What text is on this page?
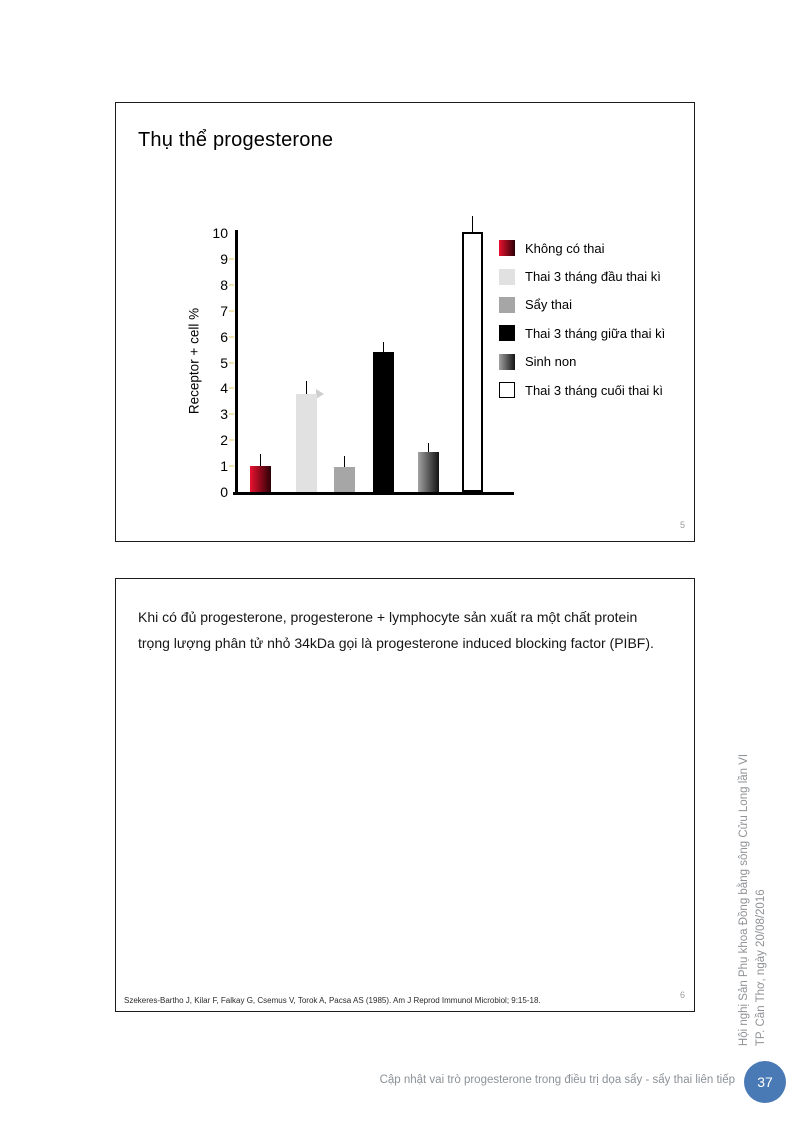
Thụ thể progesterone
Receptor + cell %
Không có thai
Thai 3 tháng đầu thai kì
Sẩy thai
Thai 3 tháng giữa thai kì
Sinh non
Thai 3 tháng cuối thai kì
0
1
2
3
4
5
6
7
8
9
10
5
Khi có đủ progesterone, progesterone + lymphocyte sản xuất ra một chất protein
trọng lượng phân tử nhỏ 34kDa gọi là progesterone induced blocking factor (PIBF).
Szekeres-Bartho J, Kilar F, Falkay G, Csemus V, Torok A, Pacsa AS (1985). Am J Reprod Immunol Microbiol; 9:15-18.
6	Hội nghị Sản Phụ khoa Đồng bằng sông Cửu Long lần VI TP. Cần Thơ, ngày 20/08/2016
Cập nhật vai trò progesterone trong điều trị dọa sẩy - sẩy thai liên tiếp 37
